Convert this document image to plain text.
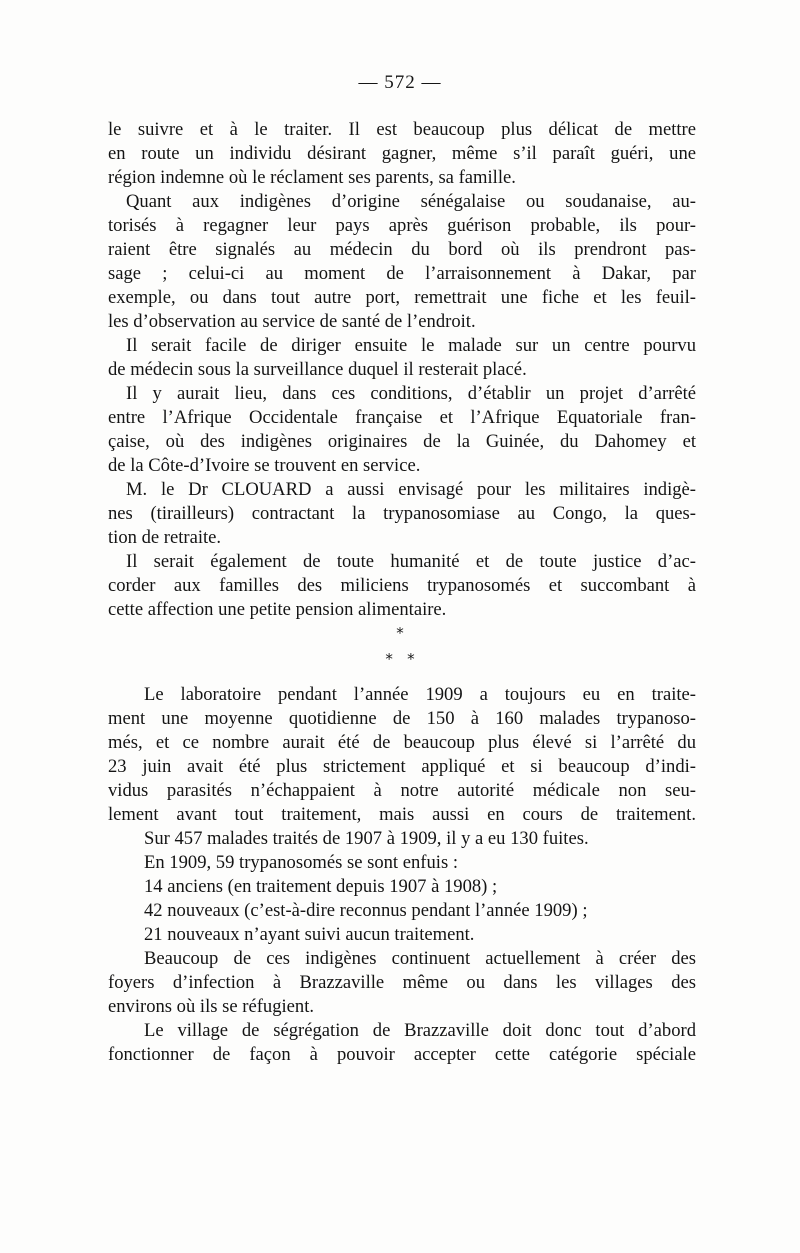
— 572 —
le suivre et à le traiter. Il est beaucoup plus délicat de mettre
en route un individu désirant gagner, même s’il paraît guéri, une
région indemne où le réclament ses parents, sa famille.
Quant aux indigènes d’origine sénégalaise ou soudanaise, au-
torisés à regagner leur pays après guérison probable, ils pour-
raient être signalés au médecin du bord où ils prendront pas-
sage ; celui-ci au moment de l’arraisonnement à Dakar, par
exemple, ou dans tout autre port, remettrait une fiche et les feuil-
les d’observation au service de santé de l’endroit.
Il serait facile de diriger ensuite le malade sur un centre pourvu
de médecin sous la surveillance duquel il resterait placé.
Il y aurait lieu, dans ces conditions, d’établir un projet d’arrêté
entre l’Afrique Occidentale française et l’Afrique Equatoriale fran-
çaise, où des indigènes originaires de la Guinée, du Dahomey et
de la Côte-d’Ivoire se trouvent en service.
M. le Dr CLOUARD a aussi envisagé pour les militaires indigè-
nes (tirailleurs) contractant la trypanosomiase au Congo, la ques-
tion de retraite.
Il serait également de toute humanité et de toute justice d’ac-
corder aux familles des miliciens trypanosomés et succombant à
cette affection une petite pension alimentaire.
*
*   *
Le laboratoire pendant l’année 1909 a toujours eu en traite-
ment une moyenne quotidienne de 150 à 160 malades trypanoso-
més, et ce nombre aurait été de beaucoup plus élevé si l’arrêté du
23 juin avait été plus strictement appliqué et si beaucoup d’indi-
vidus parasités n’échappaient à notre autorité médicale non seu-
lement avant tout traitement, mais aussi en cours de traitement.
Sur 457 malades traités de 1907 à 1909, il y a eu 130 fuites.
En 1909, 59 trypanosomés se sont enfuis :
14 anciens (en traitement depuis 1907 à 1908) ;
42 nouveaux (c’est-à-dire reconnus pendant l’année 1909) ;
21 nouveaux n’ayant suivi aucun traitement.
Beaucoup de ces indigènes continuent actuellement à créer des
foyers d’infection à Brazzaville même ou dans les villages des
environs où ils se réfugient.
Le village de ségrégation de Brazzaville doit donc tout d’abord
fonctionner de façon à pouvoir accepter cette catégorie spéciale
